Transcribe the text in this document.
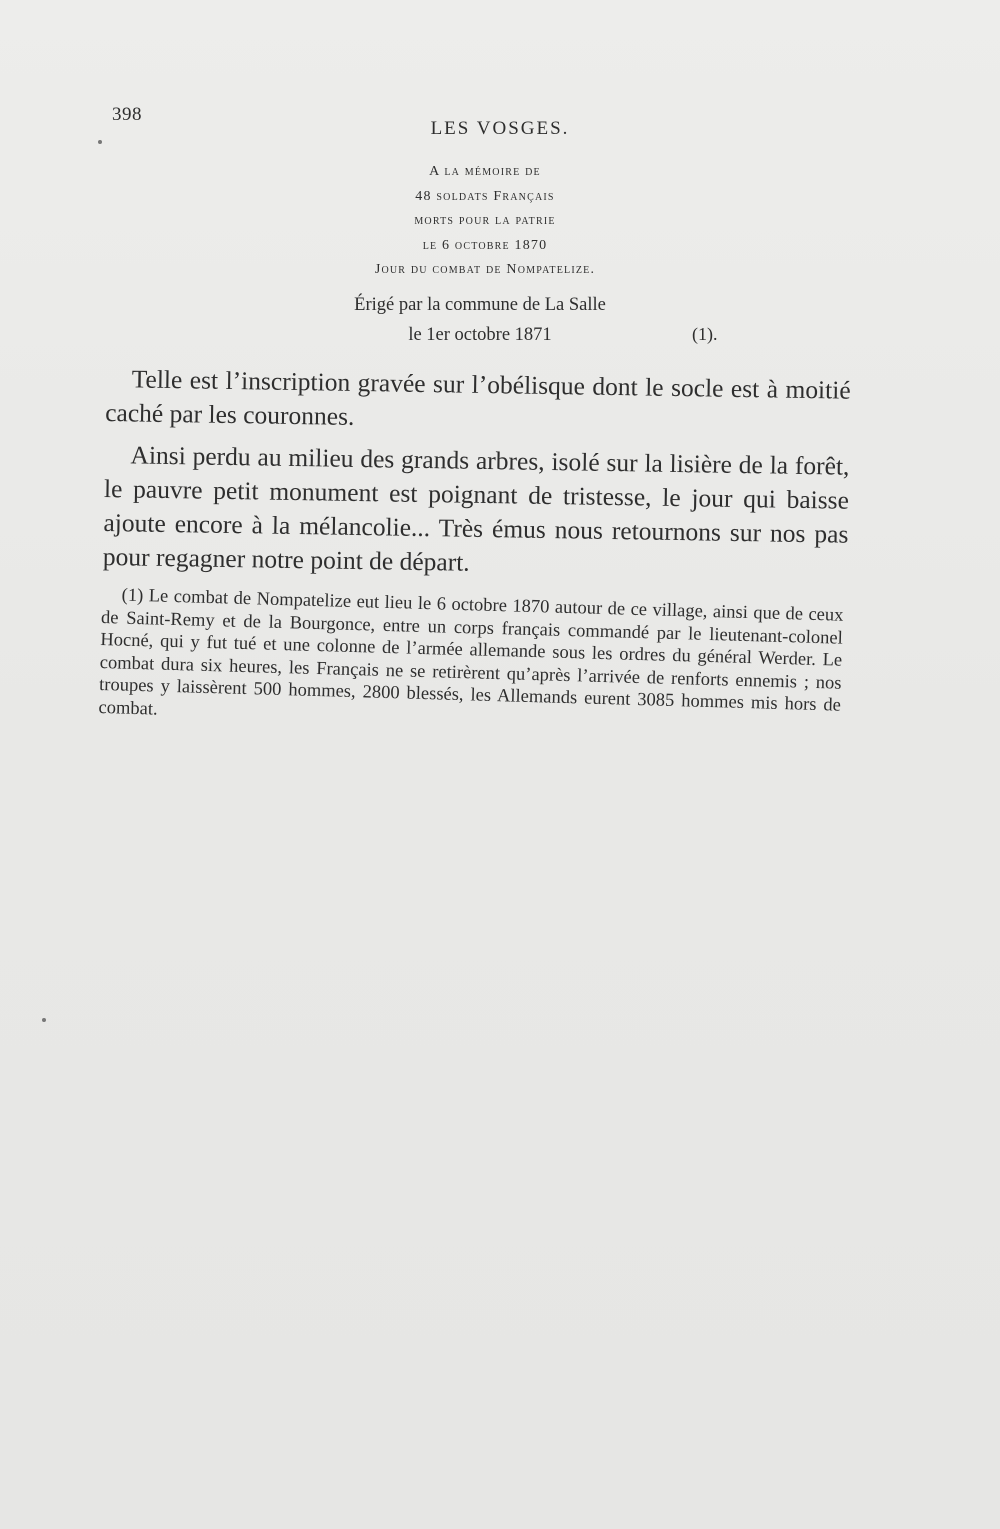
398
LES VOSGES.
A la mémoire de
48 soldats Français
morts pour la patrie
le 6 octobre 1870
Jour du combat de Nompatelize.
Érigé par la commune de La Salle
le 1er octobre 1871	(1).

Telle est l’inscription gravée sur l’obélisque dont le socle est à moitié caché par les couronnes.

Ainsi perdu au milieu des grands arbres, isolé sur la lisière de la forêt, le pauvre petit monument est poignant de tristesse, le jour qui baisse ajoute encore à la mélancolie... Très émus nous retournons sur nos pas pour regagner notre point de départ.

(1) Le combat de Nompatelize eut lieu le 6 octobre 1870 autour de ce village, ainsi que de ceux de Saint-Remy et de la Bourgonce, entre un corps français commandé par le lieutenant-colonel Hocné, qui y fut tué et une colonne de l’armée allemande sous les ordres du général Werder. Le combat dura six heures, les Français ne se retirèrent qu’après l’arrivée de renforts ennemis ; nos troupes y laissèrent 500 hommes, 2800 blessés, les Allemands eurent 3085 hommes mis hors de combat.
